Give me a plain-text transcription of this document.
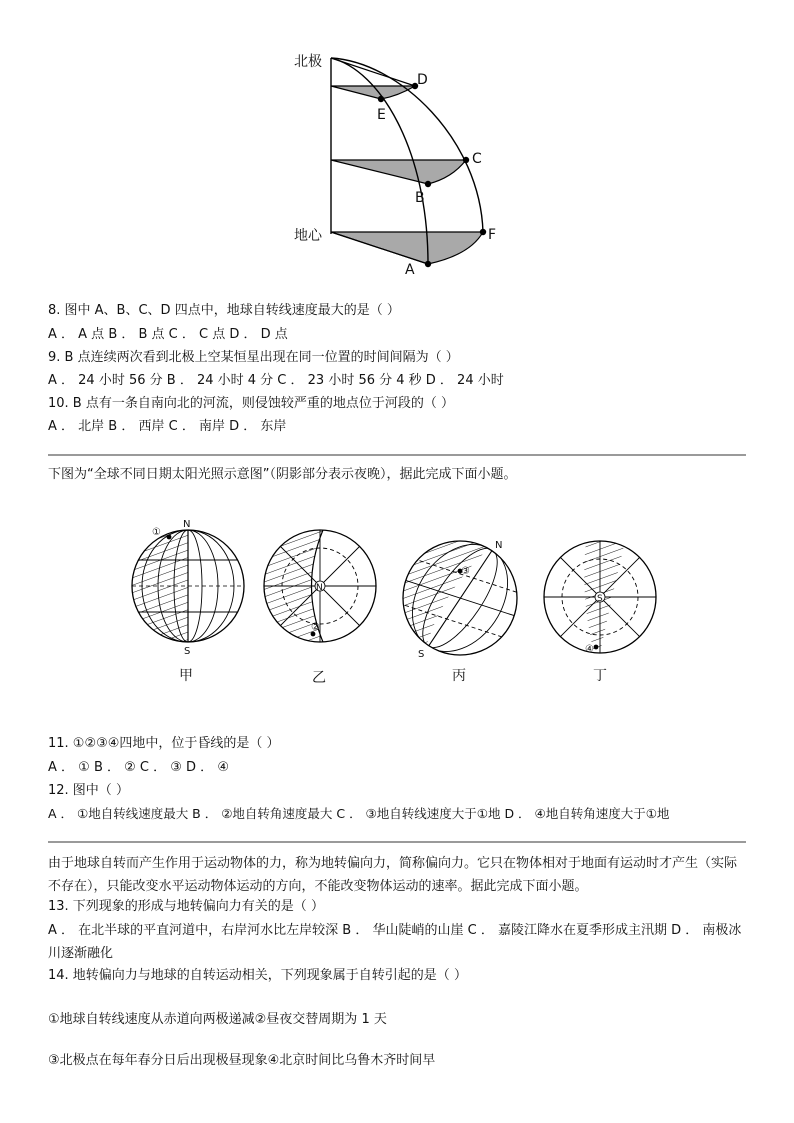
北极
地心
D
E
C
B
F
A
8. 图中 A、B、C、D 四点中，地球自转线速度最大的是（ ）
A ． A 点 B ． B 点 C ． C 点 D ． D 点
9. B 点连续两次看到北极上空某恒星出现在同一位置的时间间隔为（ ）
A ． 24 小时 56 分 B ． 24 小时 4 分 C ． 23 小时 56 分 4 秒 D ． 24 小时
10. B 点有一条自南向北的河流，则侵蚀较严重的地点位于河段的（ ）
A ． 北岸 B ． 西岸 C ． 南岸 D ． 东岸
下图为“全球不同日期太阳光照示意图”（阴影部分表示夜晚），据此完成下面小题。
N
S
①
N
②
③
N
S
S
④
甲	乙	丙	丁
11. ①②③④四地中，位于昏线的是（ ）
A ． ① B ． ② C ． ③ D ． ④
12. 图中（ ）
A ． ①地自转线速度最大 B ． ②地自转角速度最大 C ． ③地自转线速度大于①地 D ． ④地自转角速度大于①地
由于地球自转而产生作用于运动物体的力，称为地转偏向力，简称偏向力。它只在物体相对于地面有运动时才产生（实际不存在），只能改变水平运动物体运动的方向，不能改变物体运动的速率。据此完成下面小题。
13. 下列现象的形成与地转偏向力有关的是（ ）
A ． 在北半球的平直河道中，右岸河水比左岸较深 B ． 华山陡峭的山崖 C ． 嘉陵江降水在夏季形成主汛期 D ． 南极冰川逐渐融化
14. 地转偏向力与地球的自转运动相关，下列现象属于自转引起的是（ ）
①地球自转线速度从赤道向两极递减②昼夜交替周期为 1 天
③北极点在每年春分日后出现极昼现象④北京时间比乌鲁木齐时间早
